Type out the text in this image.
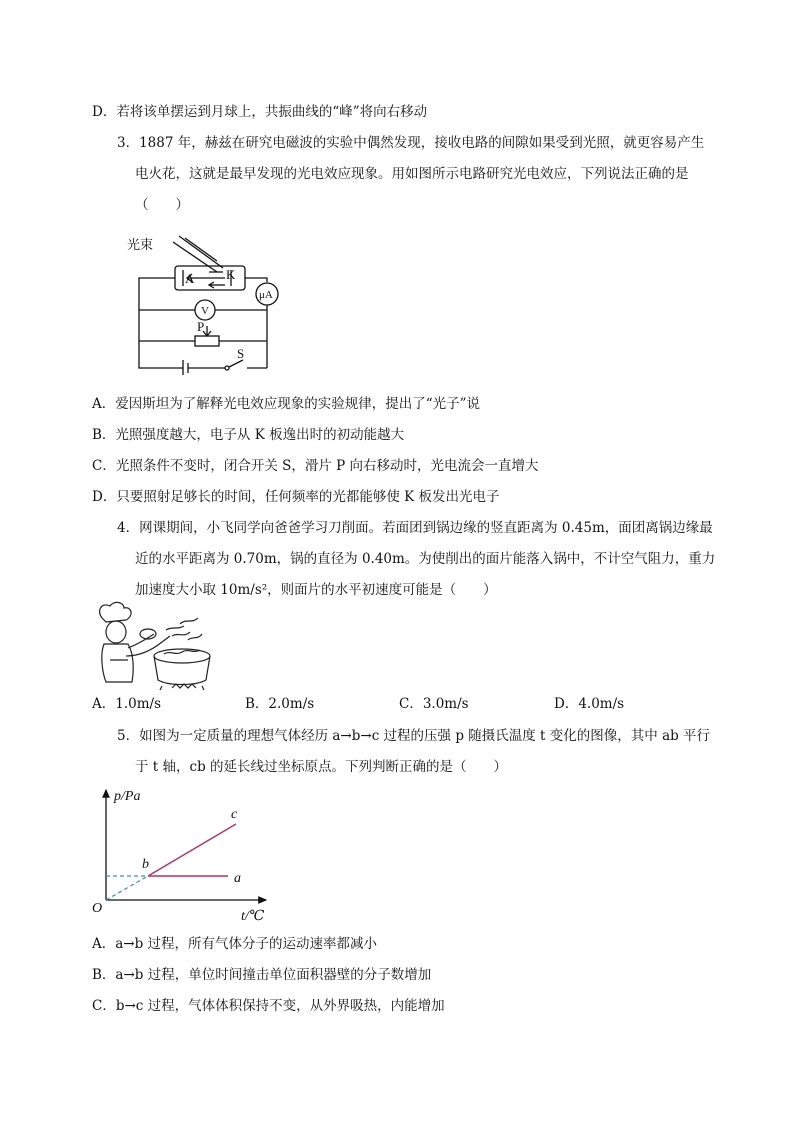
D．若将该单摆运到月球上，共振曲线的“峰”将向右移动
3．1887 年，赫兹在研究电磁波的实验中偶然发现，接收电路的间隙如果受到光照，就更容易产生
电火花，这就是最早发现的光电效应现象。用如图所示电路研究光电效应，下列说法正确的是
（　　）
光束
A K
μA
V
P
S
A．爱因斯坦为了解释光电效应现象的实验规律，提出了“光子”说
B．光照强度越大，电子从 K 板逸出时的初动能越大
C．光照条件不变时，闭合开关 S，滑片 P 向右移动时，光电流会一直增大
D．只要照射足够长的时间，任何频率的光都能够使 K 板发出光电子
4．网课期间，小飞同学向爸爸学习刀削面。若面团到锅边缘的竖直距离为 0.45m，面团离锅边缘最
近的水平距离为 0.70m，锅的直径为 0.40m。为使削出的面片能落入锅中，不计空气阻力，重力
加速度大小取 10m/s²，则面片的水平初速度可能是（　　）
A．1.0m/s	B．2.0m/s	C．3.0m/s	D．4.0m/s
5．如图为一定质量的理想气体经历 a→b→c 过程的压强 p 随摄氏温度 t 变化的图像，其中 ab 平行
于 t 轴，cb 的延长线过坐标原点。下列判断正确的是（　　）
p/Pa
t/℃
O
a
b
c
A．a→b 过程，所有气体分子的运动速率都减小
B．a→b 过程，单位时间撞击单位面积器壁的分子数增加
C．b→c 过程，气体体积保持不变，从外界吸热，内能增加
